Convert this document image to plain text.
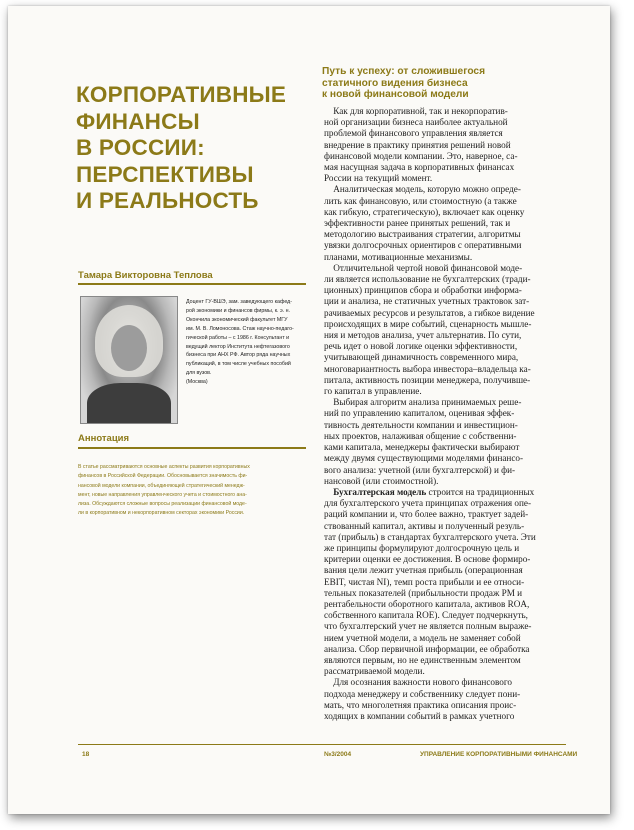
КОРПОРАТИВНЫЕ
ФИНАНСЫ
В РОССИИ:
ПЕРСПЕКТИВЫ
И РЕАЛЬНОСТЬ
Тамара Викторовна Теплова

Доцент ГУ-ВШЭ, зам. заведующего кафед-
рой экономики и финансов фирмы, к. э. н.
Окончила экономический факультет МГУ
им. М. В. Ломоносова. Стаж научно-педаго-
гической работы – с 1986 г. Консультант и
ведущий лектор Института нефтегазового
бизнеса при АНХ РФ. Автор ряда научных
публикаций, в том числе учебных пособий
для вузов.
(Москва)

Аннотация

В статье рассматриваются основные аспекты развития корпоративных
финансов в Российской Федерации. Обосновывается значимость фи-
нансовой модели компании, объединяющей стратегический менедж-
мент, новые направления управленческого учета и стоимостного ана-
лиза. Обсуждаются сложные вопросы реализации финансовой моде-
ли в корпоративном и некорпоративном секторах экономики России.

Путь к успеху: от сложившегося
статичного видения бизнеса
к новой финансовой модели
Как для корпоративной, так и некорпоратив-
ной организации бизнеса наиболее актуальной
проблемой финансового управления является
внедрение в практику принятия решений новой
финансовой модели компании. Это, наверное, са-
мая насущная задача в корпоративных финансах
России на текущий момент.
Аналитическая модель, которую можно опреде-
лить как финансовую, или стоимостную (а также
как гибкую, стратегическую), включает как оценку
эффективности ранее принятых решений, так и
методологию выстраивания стратегии, алгоритмы
увязки долгосрочных ориентиров с оперативными
планами, мотивационные механизмы.
Отличительной чертой новой финансовой моде-
ли является использование не бухгалтерских (тради-
ционных) принципов сбора и обработки информа-
ции и анализа, не статичных учетных трактовок зат-
рачиваемых ресурсов и результатов, а гибкое видение
происходящих в мире событий, сценарность мышле-
ния и методов анализа, учет альтернатив. По сути,
речь идет о новой логике оценки эффективности,
учитывающей динамичность современного мира,
многовариантность выбора инвестора–владельца ка-
питала, активность позиции менеджера, получивше-
го капитал в управление.
Выбирая алгоритм анализа принимаемых реше-
ний по управлению капиталом, оценивая эффек-
тивность деятельности компании и инвестицион-
ных проектов, налаживая общение с собственни-
ками капитала, менеджеры фактически выбирают
между двумя существующими моделями финансо-
вого анализа: учетной (или бухгалтерской) и фи-
нансовой (или стоимостной).
Бухгалтерская модель строится на традиционных
для бухгалтерского учета принципах отражения опе-
раций компании и, что более важно, трактует задей-
ствованный капитал, активы и полученный резуль-
тат (прибыль) в стандартах бухгалтерского учета. Эти
же принципы формулируют долгосрочную цель и
критерии оценки ее достижения. В основе формиро-
вания цели лежит учетная прибыль (операционная
EBIT, чистая NI), темп роста прибыли и ее относи-
тельных показателей (прибыльности продаж PM и
рентабельности оборотного капитала, активов ROA,
собственного капитала ROE). Следует подчеркнуть,
что бухгалтерский учет не является полным выраже-
нием учетной модели, а модель не заменяет собой
анализа. Сбор первичной информации, ее обработка
являются первым, но не единственным элементом
рассматриваемой модели.
Для осознания важности нового финансового
подхода менеджеру и собственнику следует пони-
мать, что многолетняя практика описания проис-
ходящих в компании событий в рамках учетного
18	№3/2004	УПРАВЛЕНИЕ КОРПОРАТИВНЫМИ ФИНАНСАМИ
